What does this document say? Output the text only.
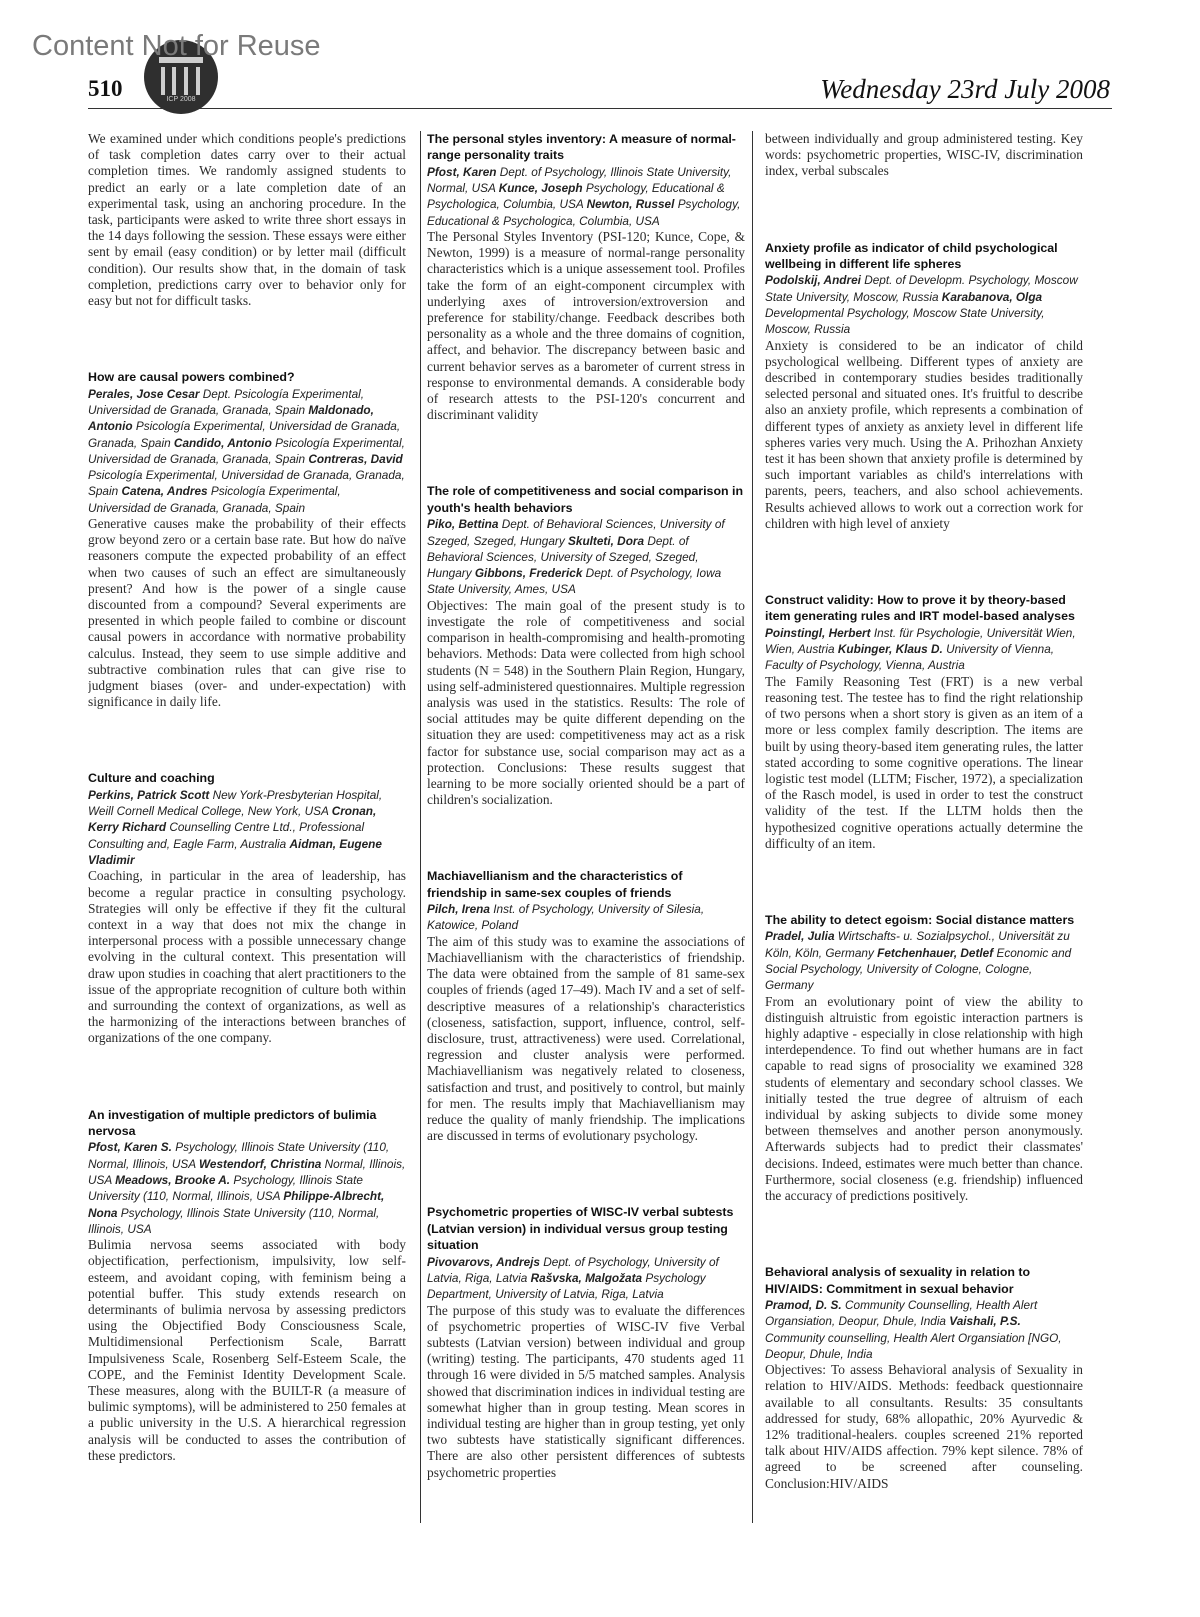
Content Not for Reuse
ICP 2008
510	Wednesday 23rd July 2008
We examined under which conditions people's predictions of task completion dates carry over to their actual completion times. We randomly assigned students to predict an early or a late completion date of an experimental task, using an anchoring procedure. In the task, participants were asked to write three short essays in the 14 days following the session. These essays were either sent by email (easy condition) or by letter mail (difficult condition). Our results show that, in the domain of task completion, predictions carry over to behavior only for easy but not for difficult tasks.
How are causal powers combined?
Perales, Jose Cesar Dept. Psicología Experimental, Universidad de Granada, Granada, Spain Maldonado, Antonio Psicología Experimental, Universidad de Granada, Granada, Spain Candido, Antonio Psicología Experimental, Universidad de Granada, Granada, Spain Contreras, David Psicología Experimental, Universidad de Granada, Granada, Spain Catena, Andres Psicología Experimental, Universidad de Granada, Granada, Spain
Generative causes make the probability of their effects grow beyond zero or a certain base rate. But how do naïve reasoners compute the expected probability of an effect when two causes of such an effect are simultaneously present? And how is the power of a single cause discounted from a compound? Several experiments are presented in which people failed to combine or discount causal powers in accordance with normative probability calculus. Instead, they seem to use simple additive and subtractive combination rules that can give rise to judgment biases (over- and under-expectation) with significance in daily life.
Culture and coaching
Perkins, Patrick Scott New York-Presbyterian Hospital, Weill Cornell Medical College, New York, USA Cronan, Kerry Richard Counselling Centre Ltd., Professional Consulting and, Eagle Farm, Australia Aidman, Eugene Vladimir
Coaching, in particular in the area of leadership, has become a regular practice in consulting psychology. Strategies will only be effective if they fit the cultural context in a way that does not mix the change in interpersonal process with a possible unnecessary change evolving in the cultural context. This presentation will draw upon studies in coaching that alert practitioners to the issue of the appropriate recognition of culture both within and surrounding the context of organizations, as well as the harmonizing of the interactions between branches of organizations of the one company.
An investigation of multiple predictors of bulimia nervosa
Pfost, Karen S. Psychology, Illinois State University (110, Normal, Illinois, USA Westendorf, Christina Normal, Illinois, USA Meadows, Brooke A. Psychology, Illinois State University (110, Normal, Illinois, USA Philippe-Albrecht, Nona Psychology, Illinois State University (110, Normal, Illinois, USA
Bulimia nervosa seems associated with body objectification, perfectionism, impulsivity, low self-esteem, and avoidant coping, with feminism being a potential buffer. This study extends research on determinants of bulimia nervosa by assessing predictors using the Objectified Body Consciousness Scale, Multidimensional Perfectionism Scale, Barratt Impulsiveness Scale, Rosenberg Self-Esteem Scale, the COPE, and the Feminist Identity Development Scale. These measures, along with the BUILT-R (a measure of bulimic symptoms), will be administered to 250 females at a public university in the U.S. A hierarchical regression analysis will be conducted to asses the contribution of these predictors.
The personal styles inventory: A measure of normal-range personality traits
Pfost, Karen Dept. of Psychology, Illinois State University, Normal, USA Kunce, Joseph Psychology, Educational & Psychologica, Columbia, USA Newton, Russel Psychology, Educational & Psychologica, Columbia, USA
The Personal Styles Inventory (PSI-120; Kunce, Cope, & Newton, 1999) is a measure of normal-range personality characteristics which is a unique assessement tool. Profiles take the form of an eight-component circumplex with underlying axes of introversion/extroversion and preference for stability/change. Feedback describes both personality as a whole and the three domains of cognition, affect, and behavior. The discrepancy between basic and current behavior serves as a barometer of current stress in response to environmental demands. A considerable body of research attests to the PSI-120's concurrent and discriminant validity
The role of competitiveness and social comparison in youth's health behaviors
Piko, Bettina Dept. of Behavioral Sciences, University of Szeged, Szeged, Hungary Skulteti, Dora Dept. of Behavioral Sciences, University of Szeged, Szeged, Hungary Gibbons, Frederick Dept. of Psychology, Iowa State University, Ames, USA
Objectives: The main goal of the present study is to investigate the role of competitiveness and social comparison in health-compromising and health-promoting behaviors. Methods: Data were collected from high school students (N = 548) in the Southern Plain Region, Hungary, using self-administered questionnaires. Multiple regression analysis was used in the statistics. Results: The role of social attitudes may be quite different depending on the situation they are used: competitiveness may act as a risk factor for substance use, social comparison may act as a protection. Conclusions: These results suggest that learning to be more socially oriented should be a part of children's socialization.
Machiavellianism and the characteristics of friendship in same-sex couples of friends
Pilch, Irena Inst. of Psychology, University of Silesia, Katowice, Poland
The aim of this study was to examine the associations of Machiavellianism with the characteristics of friendship. The data were obtained from the sample of 81 same-sex couples of friends (aged 17–49). Mach IV and a set of self-descriptive measures of a relationship's characteristics (closeness, satisfaction, support, influence, control, self-disclosure, trust, attractiveness) were used. Correlational, regression and cluster analysis were performed. Machiavellianism was negatively related to closeness, satisfaction and trust, and positively to control, but mainly for men. The results imply that Machiavellianism may reduce the quality of manly friendship. The implications are discussed in terms of evolutionary psychology.
Psychometric properties of WISC-IV verbal subtests (Latvian version) in individual versus group testing situation
Pivovarovs, Andrejs Dept. of Psychology, University of Latvia, Riga, Latvia Rašvska, Malgožata Psychology Department, University of Latvia, Riga, Latvia
The purpose of this study was to evaluate the differences of psychometric properties of WISC-IV five Verbal subtests (Latvian version) between individual and group (writing) testing. The participants, 470 students aged 11 through 16 were divided in 5/5 matched samples. Analysis showed that discrimination indices in individual testing are somewhat higher than in group testing. Mean scores in individual testing are higher than in group testing, yet only two subtests have statistically significant differences. There are also other persistent differences of subtests psychometric properties
between individually and group administered testing. Key words: psychometric properties, WISC-IV, discrimination index, verbal subscales
Anxiety profile as indicator of child psychological wellbeing in different life spheres
Podolskij, Andrei Dept. of Developm. Psychology, Moscow State University, Moscow, Russia Karabanova, Olga Developmental Psychology, Moscow State University, Moscow, Russia
Anxiety is considered to be an indicator of child psychological wellbeing. Different types of anxiety are described in contemporary studies besides traditionally selected personal and situated ones. It's fruitful to describe also an anxiety profile, which represents a combination of different types of anxiety as anxiety level in different life spheres varies very much. Using the A. Prihozhan Anxiety test it has been shown that anxiety profile is determined by such important variables as child's interrelations with parents, peers, teachers, and also school achievements. Results achieved allows to work out a correction work for children with high level of anxiety
Construct validity: How to prove it by theory-based item generating rules and IRT model-based analyses
Poinstingl, Herbert Inst. für Psychologie, Universität Wien, Wien, Austria Kubinger, Klaus D. University of Vienna, Faculty of Psychology, Vienna, Austria
The Family Reasoning Test (FRT) is a new verbal reasoning test. The testee has to find the right relationship of two persons when a short story is given as an item of a more or less complex family description. The items are built by using theory-based item generating rules, the latter stated according to some cognitive operations. The linear logistic test model (LLTM; Fischer, 1972), a specialization of the Rasch model, is used in order to test the construct validity of the test. If the LLTM holds then the hypothesized cognitive operations actually determine the difficulty of an item.
The ability to detect egoism: Social distance matters
Pradel, Julia Wirtschafts- u. Sozialpsychol., Universität zu Köln, Köln, Germany Fetchenhauer, Detlef Economic and Social Psychology, University of Cologne, Cologne, Germany
From an evolutionary point of view the ability to distinguish altruistic from egoistic interaction partners is highly adaptive - especially in close relationship with high interdependence. To find out whether humans are in fact capable to read signs of prosociality we examined 328 students of elementary and secondary school classes. We initially tested the true degree of altruism of each individual by asking subjects to divide some money between themselves and another person anonymously. Afterwards subjects had to predict their classmates' decisions. Indeed, estimates were much better than chance. Furthermore, social closeness (e.g. friendship) influenced the accuracy of predictions positively.
Behavioral analysis of sexuality in relation to HIV/AIDS: Commitment in sexual behavior
Pramod, D. S. Community Counselling, Health Alert Organsiation, Deopur, Dhule, India Vaishali, P.S. Community counselling, Health Alert Organsiation [NGO, Deopur, Dhule, India
Objectives: To assess Behavioral analysis of Sexuality in relation to HIV/AIDS. Methods: feedback questionnaire available to all consultants. Results: 35 consultants addressed for study, 68% allopathic, 20% Ayurvedic & 12% traditional-healers. couples screened 21% reported talk about HIV/AIDS affection. 79% kept silence. 78% of agreed to be screened after counseling. Conclusion:HIV/AIDS
